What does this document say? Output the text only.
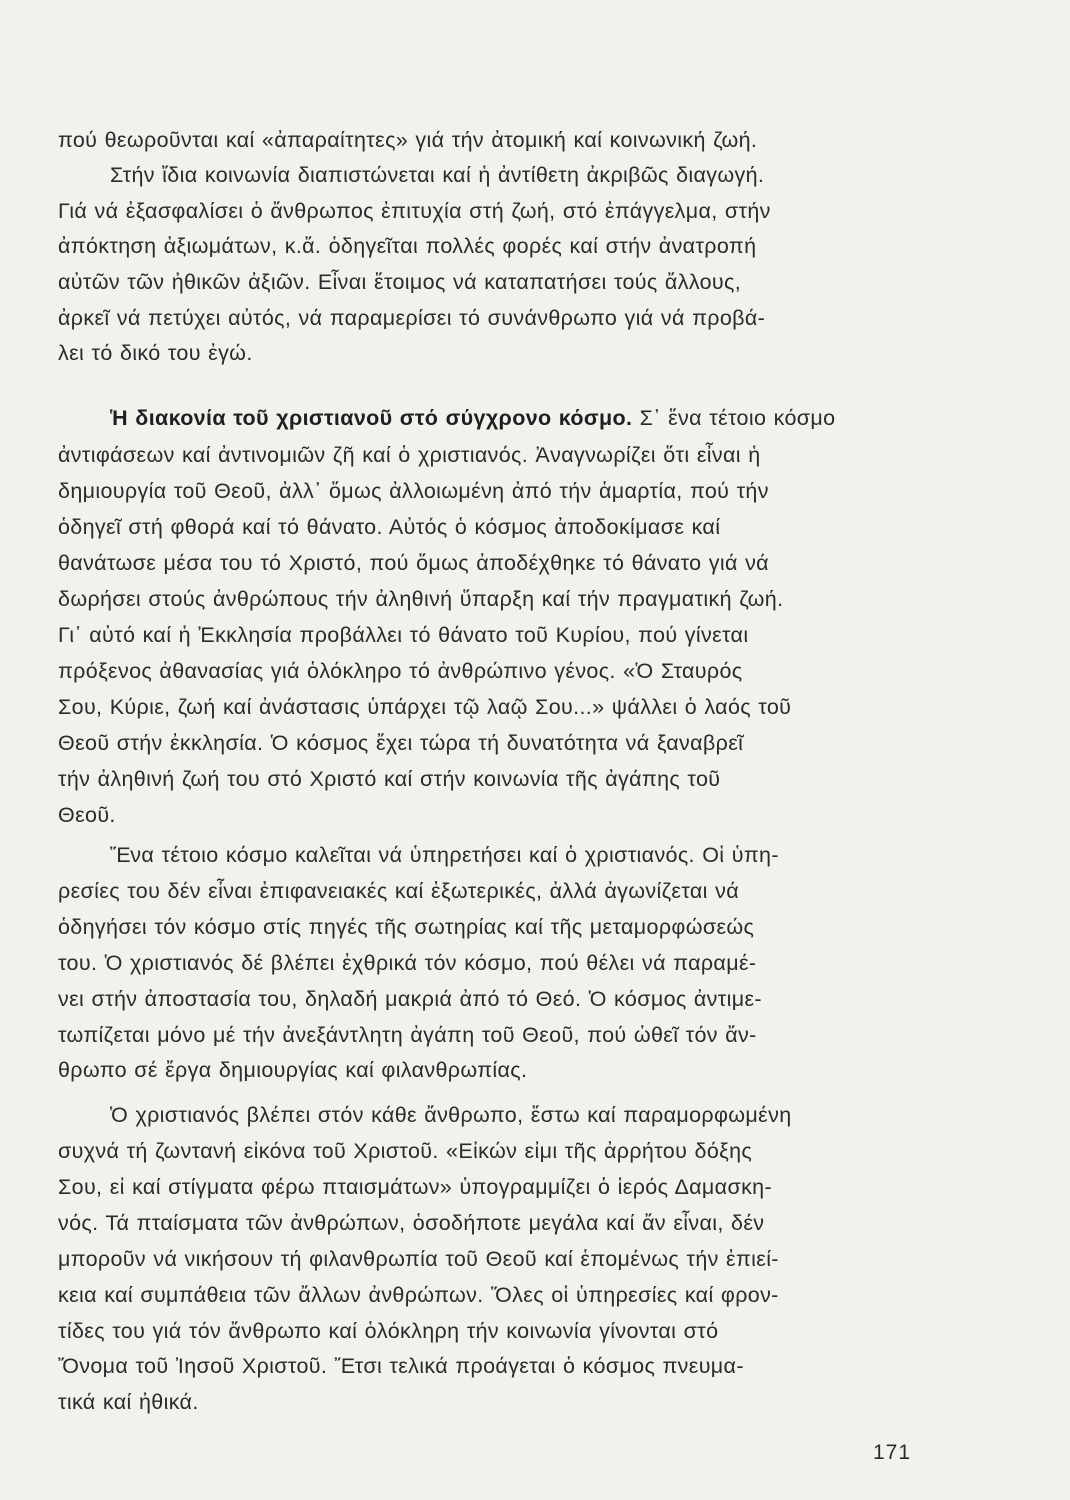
πού θεωροῦνται καί «ἀπαραίτητες» γιά τήν ἀτομική καί κοινωνική ζωή.
Στήν ἴδια κοινωνία διαπιστώνεται καί ἡ ἀντίθετη ἀκριβῶς διαγωγή.
Γιά νά ἐξασφαλίσει ὁ ἄνθρωπος ἐπιτυχία στή ζωή, στό ἐπάγγελμα, στήν
ἀπόκτηση ἀξιωμάτων, κ.ἄ. ὁδηγεῖται πολλές φορές καί στήν ἀνατροπή
αὐτῶν τῶν ἠθικῶν ἀξιῶν. Εἶναι ἕτοιμος νά καταπατήσει τούς ἄλλους,
ἀρκεῖ νά πετύχει αὐτός, νά παραμερίσει τό συνάνθρωπο γιά νά προβά-
λει τό δικό του ἐγώ.
Ἡ διακονία τοῦ χριστιανοῦ στό σύγχρονο κόσμο. Σ᾿ ἕνα τέτοιο κόσμο
ἀντιφάσεων καί ἀντινομιῶν ζῆ καί ὁ χριστιανός. Ἀναγνωρίζει ὅτι εἶναι ἡ
δημιουργία τοῦ Θεοῦ, ἀλλ᾿ ὅμως ἀλλοιωμένη ἀπό τήν ἁμαρτία, πού τήν
ὁδηγεῖ στή φθορά καί τό θάνατο. Αὐτός ὁ κόσμος ἀποδοκίμασε καί
θανάτωσε μέσα του τό Χριστό, πού ὅμως ἀποδέχθηκε τό θάνατο γιά νά
δωρήσει στούς ἀνθρώπους τήν ἀληθινή ὕπαρξη καί τήν πραγματική ζωή.
Γι᾿ αὐτό καί ἡ Ἐκκλησία προβάλλει τό θάνατο τοῦ Κυρίου, πού γίνεται
πρόξενος ἀθανασίας γιά ὁλόκληρο τό ἀνθρώπινο γένος. «Ὁ Σταυρός
Σου, Κύριε, ζωή καί ἀνάστασις ὑπάρχει τῷ λαῷ Σου...» ψάλλει ὁ λαός τοῦ
Θεοῦ στήν ἐκκλησία. Ὁ κόσμος ἔχει τώρα τή δυνατότητα νά ξαναβρεῖ
τήν ἀληθινή ζωή του στό Χριστό καί στήν κοινωνία τῆς ἀγάπης τοῦ
Θεοῦ.
Ἕνα τέτοιο κόσμο καλεῖται νά ὑπηρετήσει καί ὁ χριστιανός. Οἱ ὑπη-
ρεσίες του δέν εἶναι ἐπιφανειακές καί ἐξωτερικές, ἀλλά ἀγωνίζεται νά
ὁδηγήσει τόν κόσμο στίς πηγές τῆς σωτηρίας καί τῆς μεταμορφώσεώς
του. Ὁ χριστιανός δέ βλέπει ἐχθρικά τόν κόσμο, πού θέλει νά παραμέ-
νει στήν ἀποστασία του, δηλαδή μακριά ἀπό τό Θεό. Ὁ κόσμος ἀντιμε-
τωπίζεται μόνο μέ τήν ἀνεξάντλητη ἀγάπη τοῦ Θεοῦ, πού ὠθεῖ τόν ἄν-
θρωπο σέ ἔργα δημιουργίας καί φιλανθρωπίας.
Ὁ χριστιανός βλέπει στόν κάθε ἄνθρωπο, ἔστω καί παραμορφωμένη
συχνά τή ζωντανή εἰκόνα τοῦ Χριστοῦ. «Εἰκών εἰμι τῆς ἀρρήτου δόξης
Σου, εἰ καί στίγματα φέρω πταισμάτων» ὑπογραμμίζει ὁ ἱερός Δαμασκη-
νός. Τά πταίσματα τῶν ἀνθρώπων, ὁσοδήποτε μεγάλα καί ἄν εἶναι, δέν
μποροῦν νά νικήσουν τή φιλανθρωπία τοῦ Θεοῦ καί ἑπομένως τήν ἐπιεί-
κεια καί συμπάθεια τῶν ἄλλων ἀνθρώπων. Ὅλες οἱ ὑπηρεσίες καί φρον-
τίδες του γιά τόν ἄνθρωπο καί ὁλόκληρη τήν κοινωνία γίνονται στό
Ὄνομα τοῦ Ἰησοῦ Χριστοῦ. Ἔτσι τελικά προάγεται ὁ κόσμος πνευμα-
τικά καί ἠθικά.
171
